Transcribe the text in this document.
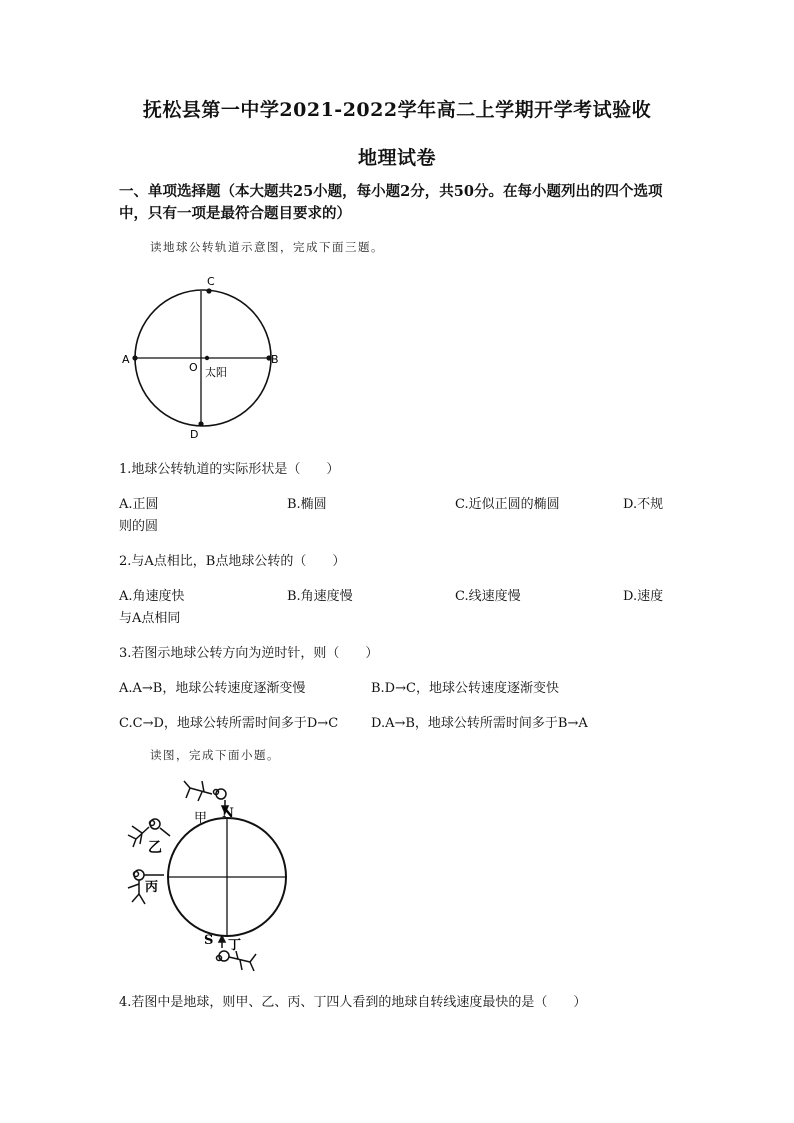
抚松县第一中学2021-2022学年高二上学期开学考试验收
地理试卷
一、单项选择题（本大题共25小题，每小题2分，共50分。在每小题列出的四个选项
中，只有一项是最符合题目要求的）
读地球公转轨道示意图，完成下面三题。
C
A	B
O 太阳
D
1.地球公转轨道的实际形状是（　　）
A.正圆	B.椭圆	C.近似正圆的椭圆	D.不规
则的圆
2.与A点相比，B点地球公转的（　　）
A.角速度快	B.角速度慢	C.线速度慢	D.速度
与A点相同
3.若图示地球公转方向为逆时针，则（　　）
A.A→B，地球公转速度逐渐变慢	B.D→C，地球公转速度逐渐变快
C.C→D，地球公转所需时间多于D→C	D.A→B，地球公转所需时间多于B→A
读图，完成下面小题。
甲 N
乙
丙
S 丁
4.若图中是地球，则甲、乙、丙、丁四人看到的地球自转线速度最快的是（　　）
